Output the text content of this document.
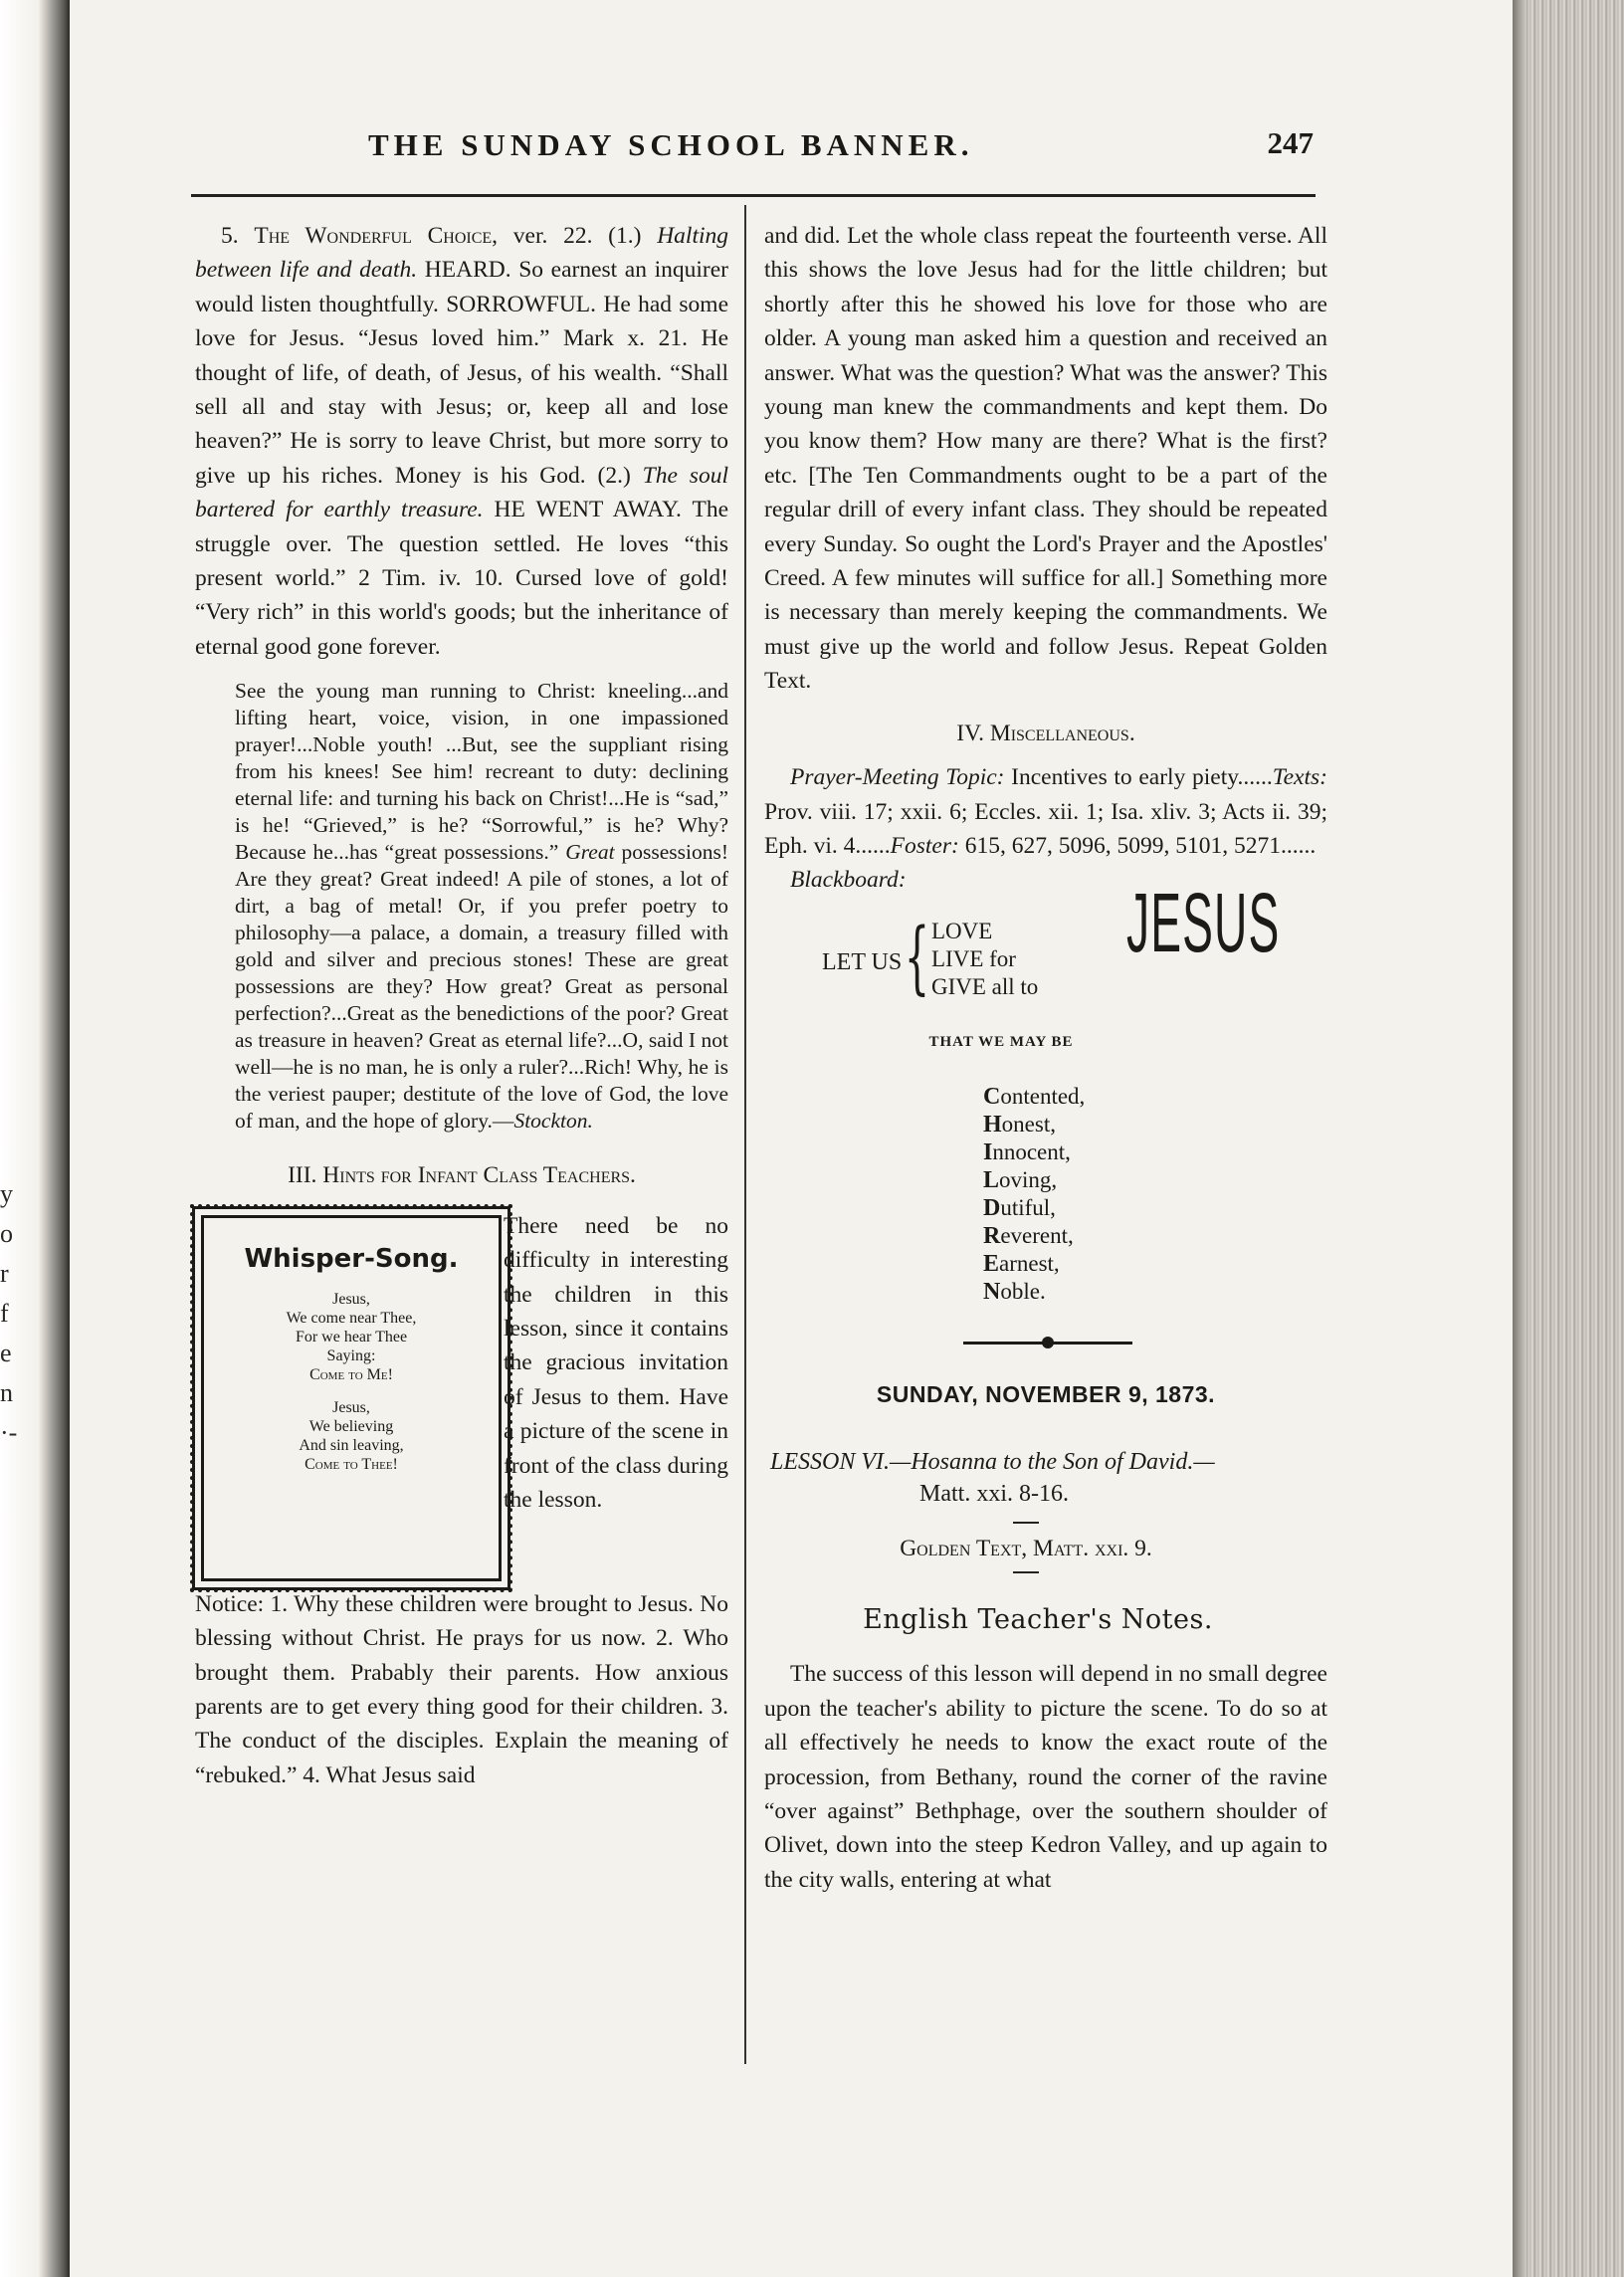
y
o
r
f
e
n
·-
THE SUNDAY SCHOOL BANNER.	247

5. The Wonderful Choice, ver. 22. (1.) Halting between life and death. HEARD. So earnest an inquirer would listen thoughtfully. SORROWFUL. He had some love for Jesus. “Jesus loved him.” Mark x. 21. He thought of life, of death, of Jesus, of his wealth. “Shall sell all and stay with Jesus; or, keep all and lose heaven?” He is sorry to leave Christ, but more sorry to give up his riches. Money is his God. (2.) The soul bartered for earthly treasure. HE WENT AWAY. The struggle over. The question settled. He loves “this present world.” 2 Tim. iv. 10. Cursed love of gold! “Very rich” in this world's goods; but the inheritance of eternal good gone forever.

See the young man running to Christ: kneeling...and lifting heart, voice, vision, in one impassioned prayer!...Noble youth! ...But, see the suppliant rising from his knees! See him! recreant to duty: declining eternal life: and turning his back on Christ!...He is “sad,” is he! “Grieved,” is he? “Sorrowful,” is he? Why? Because he...has “great possessions.” Great possessions! Are they great? Great indeed! A pile of stones, a lot of dirt, a bag of metal! Or, if you prefer poetry to philosophy—a palace, a domain, a treasury filled with gold and silver and precious stones! These are great possessions are they? How great? Great as personal perfection?...Great as the benedictions of the poor? Great as treasure in heaven? Great as eternal life?...O, said I not well—he is no man, he is only a ruler?...Rich! Why, he is the veriest pauper; destitute of the love of God, the love of man, and the hope of glory.—Stockton.
III. Hints for Infant Class Teachers.
Whisper-Song.
Jesus,
We come near Thee,
For we hear Thee
Saying:
Come to Me!
Jesus,
We believing
And sin leaving,
Come to Thee!
There need be no difficulty in interesting the children in this lesson, since it contains the gracious invitation of Jesus to them. Have a picture of the scene in front of the class during the lesson.

Notice: 1. Why these children were brought to Jesus. No blessing without Christ. He prays for us now. 2. Who brought them. Prabably their parents. How anxious parents are to get every thing good for their children. 3. The conduct of the disciples. Explain the meaning of “rebuked.” 4. What Jesus said

and did. Let the whole class repeat the fourteenth verse. All this shows the love Jesus had for the little children; but shortly after this he showed his love for those who are older. A young man asked him a question and received an answer. What was the question? What was the answer? This young man knew the commandments and kept them. Do you know them? How many are there? What is the first? etc. [The Ten Commandments ought to be a part of the regular drill of every infant class. They should be repeated every Sunday. So ought the Lord's Prayer and the Apostles' Creed. A few minutes will suffice for all.] Something more is necessary than merely keeping the commandments. We must give up the world and follow Jesus. Repeat Golden Text.

IV. Miscellaneous.

Prayer-Meeting Topic: Incentives to early piety......Texts: Prov. viii. 17; xxii. 6; Eccles. xii. 1; Isa. xliv. 3; Acts ii. 39; Eph. vi. 4......Foster: 615, 627, 5096, 5099, 5101, 5271......

Blackboard:

LET US { LOVE
LIVE for
GIVE all to
JESUS
THAT WE MAY BE
Contented,
Honest,
Innocent,
Loving,
Dutiful,
Reverent,
Earnest,
Noble.
SUNDAY, NOVEMBER 9, 1873.
LESSON VI.—Hosanna to the Son of David.—
Matt. xxi. 8-16.
Golden Text, Matt. xxi. 9.
English Teacher's Notes.

The success of this lesson will depend in no small degree upon the teacher's ability to picture the scene. To do so at all effectively he needs to know the exact route of the procession, from Bethany, round the corner of the ravine “over against” Bethphage, over the southern shoulder of Olivet, down into the steep Kedron Valley, and up again to the city walls, entering at what
